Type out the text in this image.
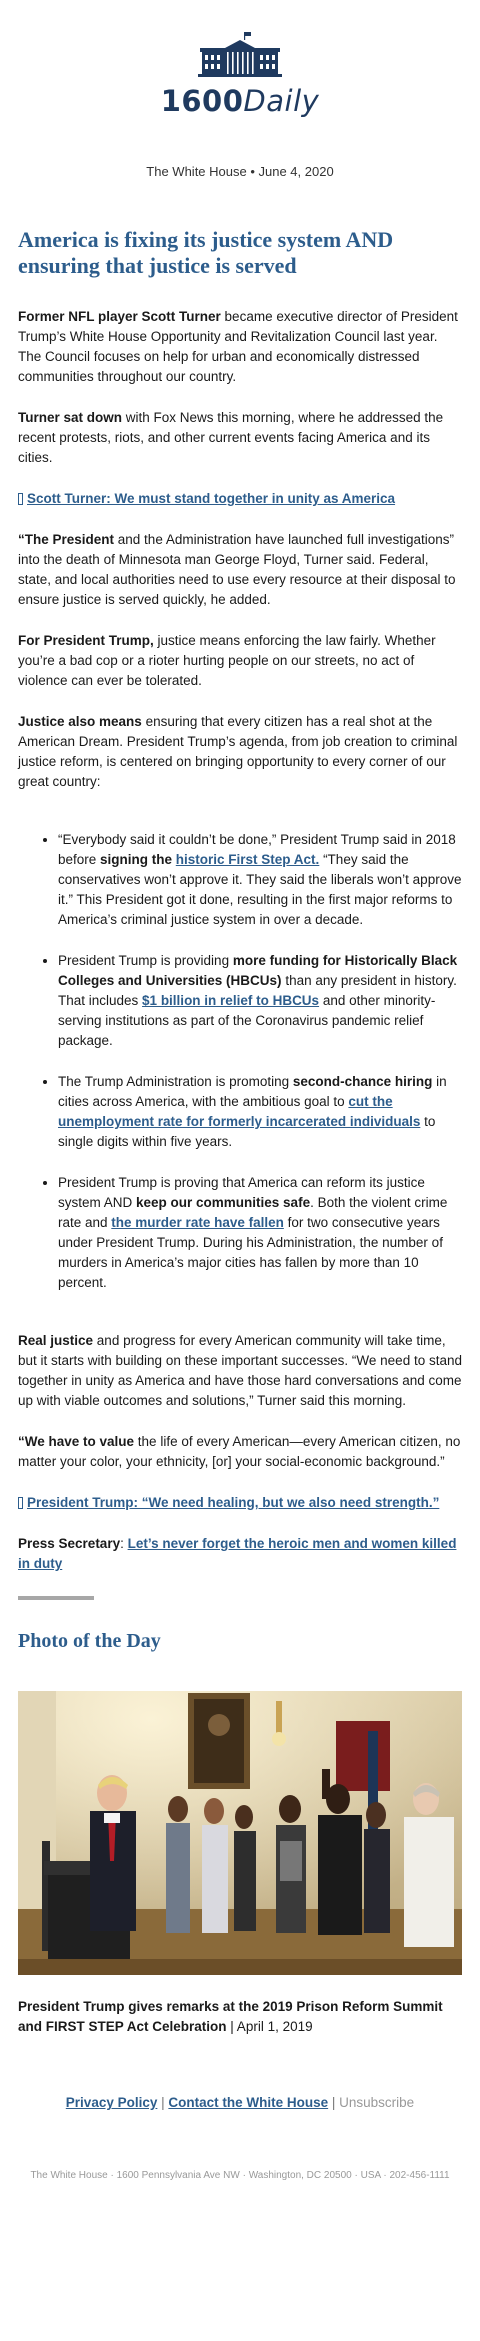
1600Daily
The White House • June 4, 2020
America is fixing its justice system AND ensuring that justice is served

Former NFL player Scott Turner became executive director of President Trump’s White House Opportunity and Revitalization Council last year. The Council focuses on help for urban and economically distressed communities throughout our country.

Turner sat down with Fox News this morning, where he addressed the recent protests, riots, and other current events facing America and its cities.

Scott Turner: We must stand together in unity as America

“The President and the Administration have launched full investigations” into the death of Minnesota man George Floyd, Turner said. Federal, state, and local authorities need to use every resource at their disposal to ensure justice is served quickly, he added.

For President Trump, justice means enforcing the law fairly. Whether you’re a bad cop or a rioter hurting people on our streets, no act of violence can ever be tolerated.

Justice also means ensuring that every citizen has a real shot at the American Dream. President Trump’s agenda, from job creation to criminal justice reform, is centered on bringing opportunity to every corner of our great country:

• “Everybody said it couldn’t be done,” President Trump said in 2018 before signing the historic First Step Act. “They said the conservatives won’t approve it. They said the liberals won’t approve it.” This President got it done, resulting in the first major reforms to America’s criminal justice system in over a decade.
• President Trump is providing more funding for Historically Black Colleges and Universities (HBCUs) than any president in history. That includes $1 billion in relief to HBCUs and other minority-serving institutions as part of the Coronavirus pandemic relief package.
• The Trump Administration is promoting second-chance hiring in cities across America, with the ambitious goal to cut the unemployment rate for formerly incarcerated individuals to single digits within five years.
• President Trump is proving that America can reform its justice system AND keep our communities safe. Both the violent crime rate and the murder rate have fallen for two consecutive years under President Trump. During his Administration, the number of murders in America’s major cities has fallen by more than 10 percent.

Real justice and progress for every American community will take time, but it starts with building on these important successes. “We need to stand together in unity as America and have those hard conversations and come up with viable outcomes and solutions,” Turner said this morning.

“We have to value the life of every American—every American citizen, no matter your color, your ethnicity, [or] your social-economic background.”

President Trump: “We need healing, but we also need strength.”

Press Secretary: Let’s never forget the heroic men and women killed in duty

Photo of the Day
President Trump gives remarks at the 2019 Prison Reform Summit and FIRST STEP Act Celebration | April 1, 2019
Privacy Policy | Contact the White House | Unsubscribe
The White House · 1600 Pennsylvania Ave NW · Washington, DC 20500 · USA · 202-456-1111
